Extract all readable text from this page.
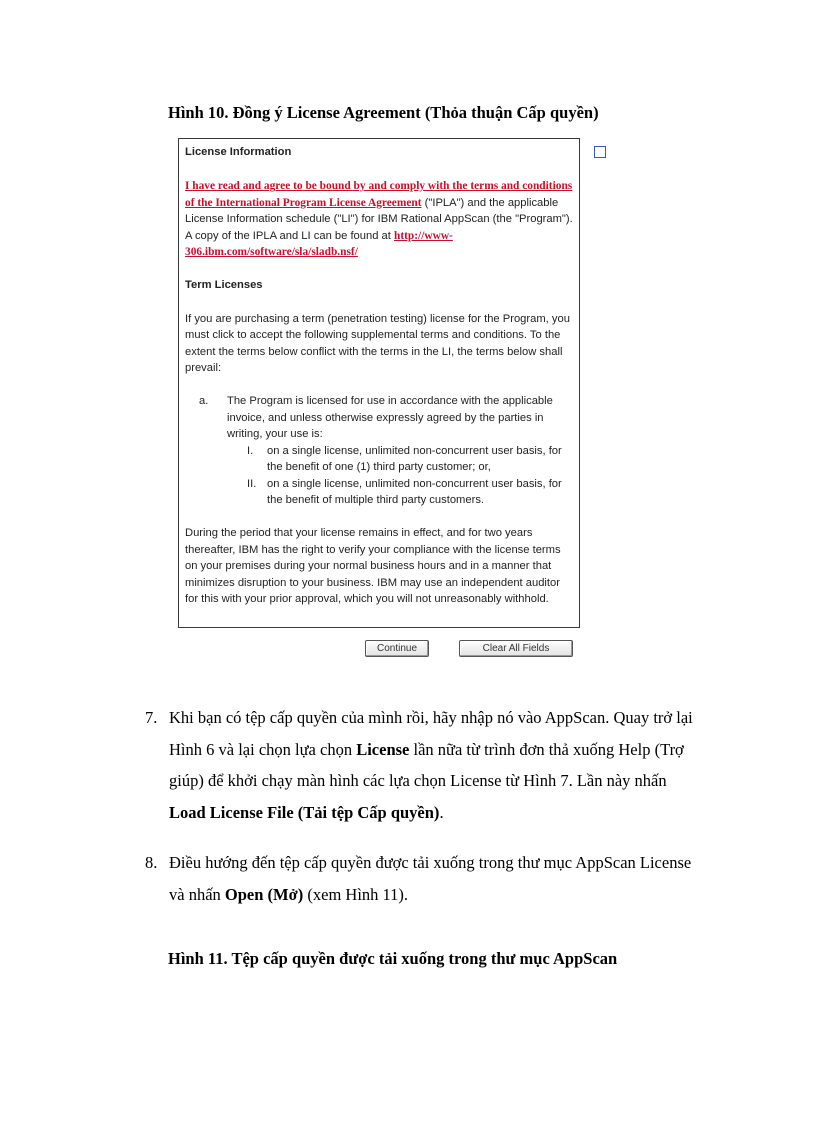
Hình 10. Đồng ý License Agreement (Thỏa thuận Cấp quyền)

License Information

I have read and agree to be bound by and comply with the terms and conditions of the International Program License Agreement ("IPLA") and the applicable License Information schedule ("LI") for IBM Rational AppScan (the "Program"). A copy of the IPLA and LI can be found at http://www-306.ibm.com/software/sla/sladb.nsf/

Term Licenses

If you are purchasing a term (penetration testing) license for the Program, you must click to accept the following supplemental terms and conditions. To the extent the terms below conflict with the terms in the LI, the terms below shall prevail:

a.	The Program is licensed for use in accordance with the applicable invoice, and unless otherwise expressly agreed by the parties in writing, your use is:
I.	on a single license, unlimited non-concurrent user basis, for the benefit of one (1) third party customer; or,
II. on a single license, unlimited non-concurrent user basis, for the benefit of multiple third party customers.

During the period that your license remains in effect, and for two years thereafter, IBM has the right to verify your compliance with the license terms on your premises during your normal business hours and in a manner that minimizes disruption to your business. IBM may use an independent auditor for this with your prior approval, which you will not unreasonably withhold.

Continue	Clear All Fields
7. Khi bạn có tệp cấp quyền của mình rồi, hãy nhập nó vào AppScan. Quay trở lại Hình 6 và lại chọn lựa chọn License lần nữa từ trình đơn thả xuống Help (Trợ giúp) để khởi chạy màn hình các lựa chọn License từ Hình 7. Lần này nhấn Load License File (Tải tệp Cấp quyền).
8. Điều hướng đến tệp cấp quyền được tải xuống trong thư mục AppScan License và nhấn Open (Mở) (xem Hình 11).
Hình 11. Tệp cấp quyền được tải xuống trong thư mục AppScan
